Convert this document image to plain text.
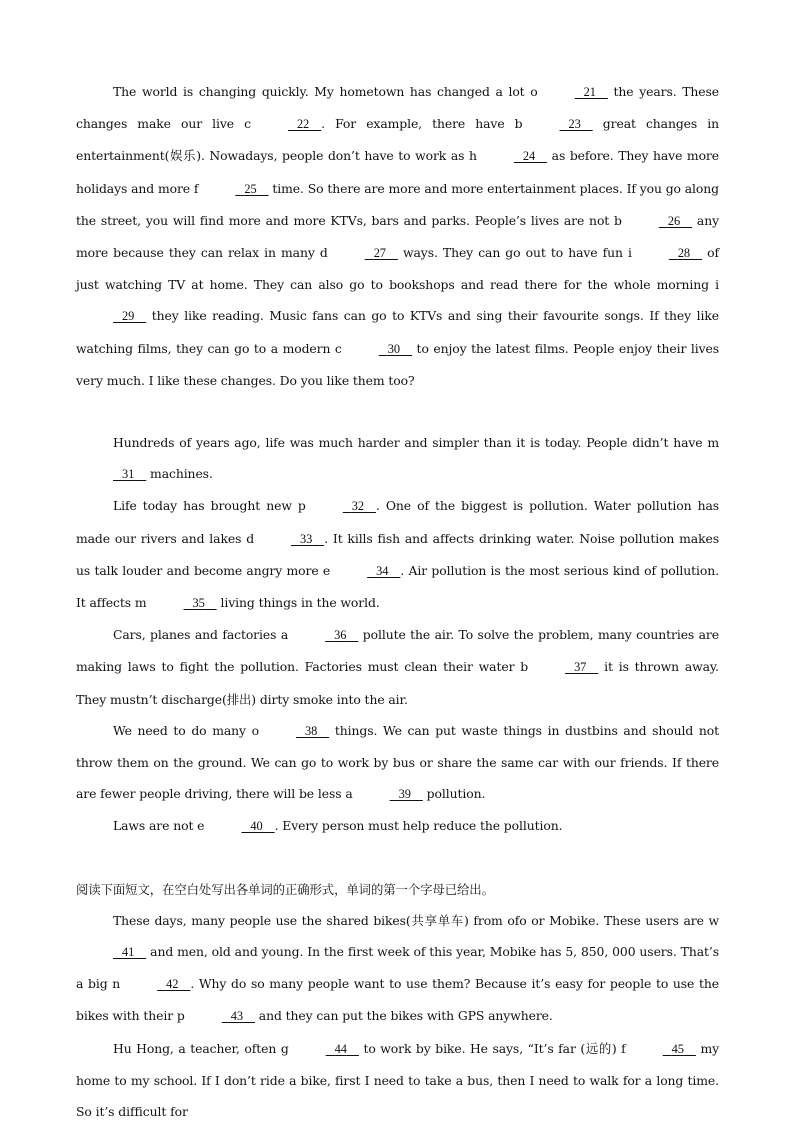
The world is changing quickly. My hometown has changed a lot o	21     the years. These changes make our live c	22 . For example, there have b	23     great changes in entertainment(娱乐). Nowadays, people don’t have to work as h	24     as before. They have more holidays and more f	25     time. So there are more and more entertainment places. If you go along the street, you will find more and more KTVs, bars and parks. People’s lives are not b	26     any more because they can relax in many d	27     ways. They can go out to have fun i	28     of just watching TV at home. They can also go to bookshops and read there for the whole morning i   29     they like reading. Music fans can go to KTVs and sing their favourite songs. If they like watching films, they can go to a modern c	30     to enjoy the latest films. People enjoy their lives very much. I like these changes. Do you like them too?

Hundreds of years ago, life was much harder and simpler than it is today. People didn’t have m   31     machines.

Life today has brought new p	32 . One of the biggest is pollution. Water pollution has made our rivers and lakes d	33 . It kills fish and affects drinking water. Noise pollution makes us talk louder and become angry more e	34 . Air pollution is the most serious kind of pollution. It affects m	35     living things in the world.

Cars, planes and factories a	36     pollute the air. To solve the problem, many countries are making laws to fight the pollution. Factories must clean their water b	37     it is thrown away. They mustn’t discharge(排出) dirty smoke into the air.

We need to do many o	38     things. We can put waste things in dustbins and should not throw them on the ground. We can go to work by bus or share the same car with our friends. If there are fewer people driving, there will be less a	39     pollution.

Laws are not e	40 . Every person must help reduce the pollution.

阅读下面短文，在空白处写出各单词的正确形式，单词的第一个字母已给出。

These days, many people use the shared bikes(共享单车) from ofo or Mobike. These users are w   41     and men, old and young. In the first week of this year, Mobike has 5, 850, 000 users. That’s a big n	42 . Why do so many people want to use them? Because it’s easy for people to use the bikes with their p	43     and they can put the bikes with GPS anywhere.

Hu Hong, a teacher, often g	44     to work by bike. He says, “It’s far (远的) f	45     my home to my school. If I don’t ride a bike, first I need to take a bus, then I need to walk for a long time. So it’s difficult for
